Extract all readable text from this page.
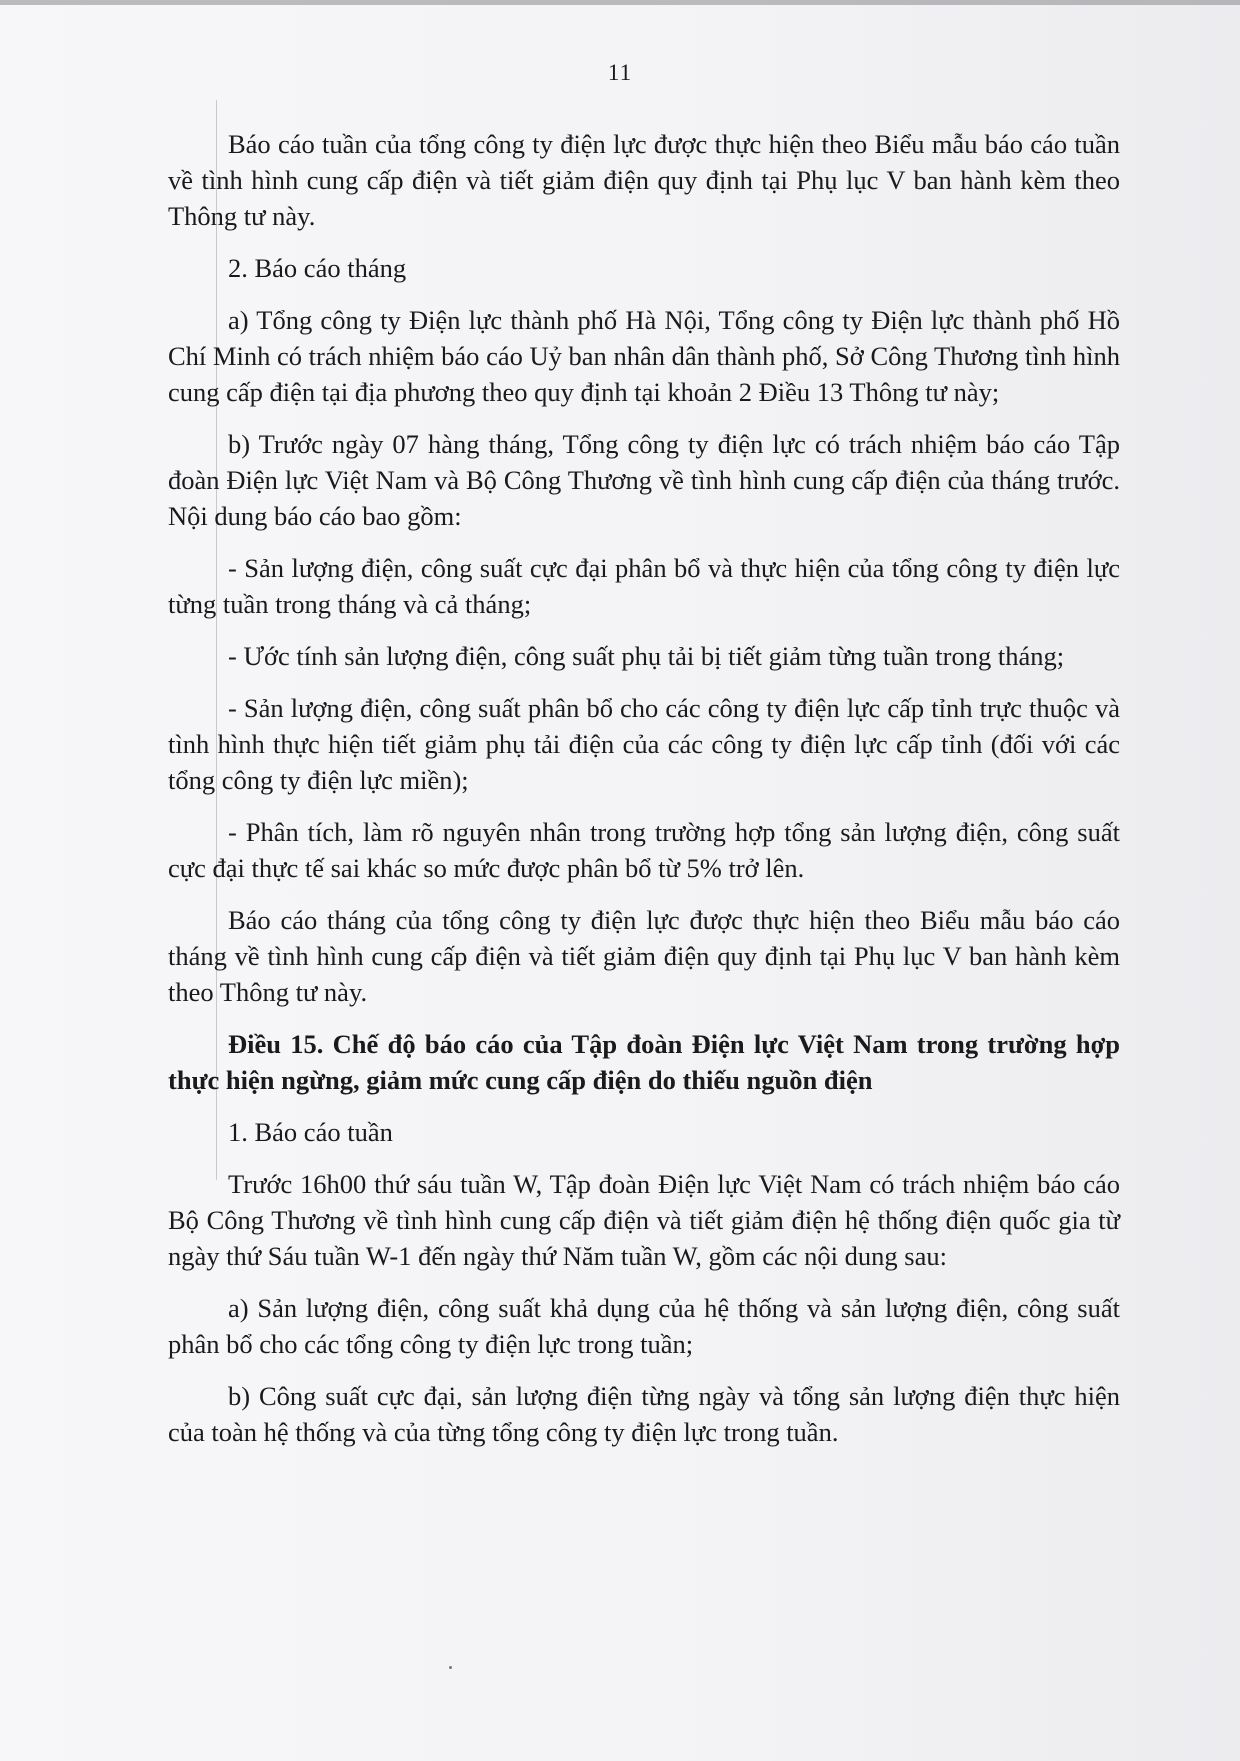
11

Báo cáo tuần của tổng công ty điện lực được thực hiện theo Biểu mẫu báo cáo tuần về tình hình cung cấp điện và tiết giảm điện quy định tại Phụ lục V ban hành kèm theo Thông tư này.

2. Báo cáo tháng

a) Tổng công ty Điện lực thành phố Hà Nội, Tổng công ty Điện lực thành phố Hồ Chí Minh có trách nhiệm báo cáo Uỷ ban nhân dân thành phố, Sở Công Thương tình hình cung cấp điện tại địa phương theo quy định tại khoản 2 Điều 13 Thông tư này;

b) Trước ngày 07 hàng tháng, Tổng công ty điện lực có trách nhiệm báo cáo Tập đoàn Điện lực Việt Nam và Bộ Công Thương về tình hình cung cấp điện của tháng trước. Nội dung báo cáo bao gồm:

- Sản lượng điện, công suất cực đại phân bổ và thực hiện của tổng công ty điện lực từng tuần trong tháng và cả tháng;

- Ước tính sản lượng điện, công suất phụ tải bị tiết giảm từng tuần trong tháng;

- Sản lượng điện, công suất phân bổ cho các công ty điện lực cấp tỉnh trực thuộc và tình hình thực hiện tiết giảm phụ tải điện của các công ty điện lực cấp tỉnh (đối với các tổng công ty điện lực miền);

- Phân tích, làm rõ nguyên nhân trong trường hợp tổng sản lượng điện, công suất cực đại thực tế sai khác so mức được phân bổ từ 5% trở lên.

Báo cáo tháng của tổng công ty điện lực được thực hiện theo Biểu mẫu báo cáo tháng về tình hình cung cấp điện và tiết giảm điện quy định tại Phụ lục V ban hành kèm theo Thông tư này.

Điều 15. Chế độ báo cáo của Tập đoàn Điện lực Việt Nam trong trường hợp thực hiện ngừng, giảm mức cung cấp điện do thiếu nguồn điện

1. Báo cáo tuần

Trước 16h00 thứ sáu tuần W, Tập đoàn Điện lực Việt Nam có trách nhiệm báo cáo Bộ Công Thương về tình hình cung cấp điện và tiết giảm điện hệ thống điện quốc gia từ ngày thứ Sáu tuần W-1 đến ngày thứ Năm tuần W, gồm các nội dung sau:

a) Sản lượng điện, công suất khả dụng của hệ thống và sản lượng điện, công suất phân bổ cho các tổng công ty điện lực trong tuần;

b) Công suất cực đại, sản lượng điện từng ngày và tổng sản lượng điện thực hiện của toàn hệ thống và của từng tổng công ty điện lực trong tuần.
